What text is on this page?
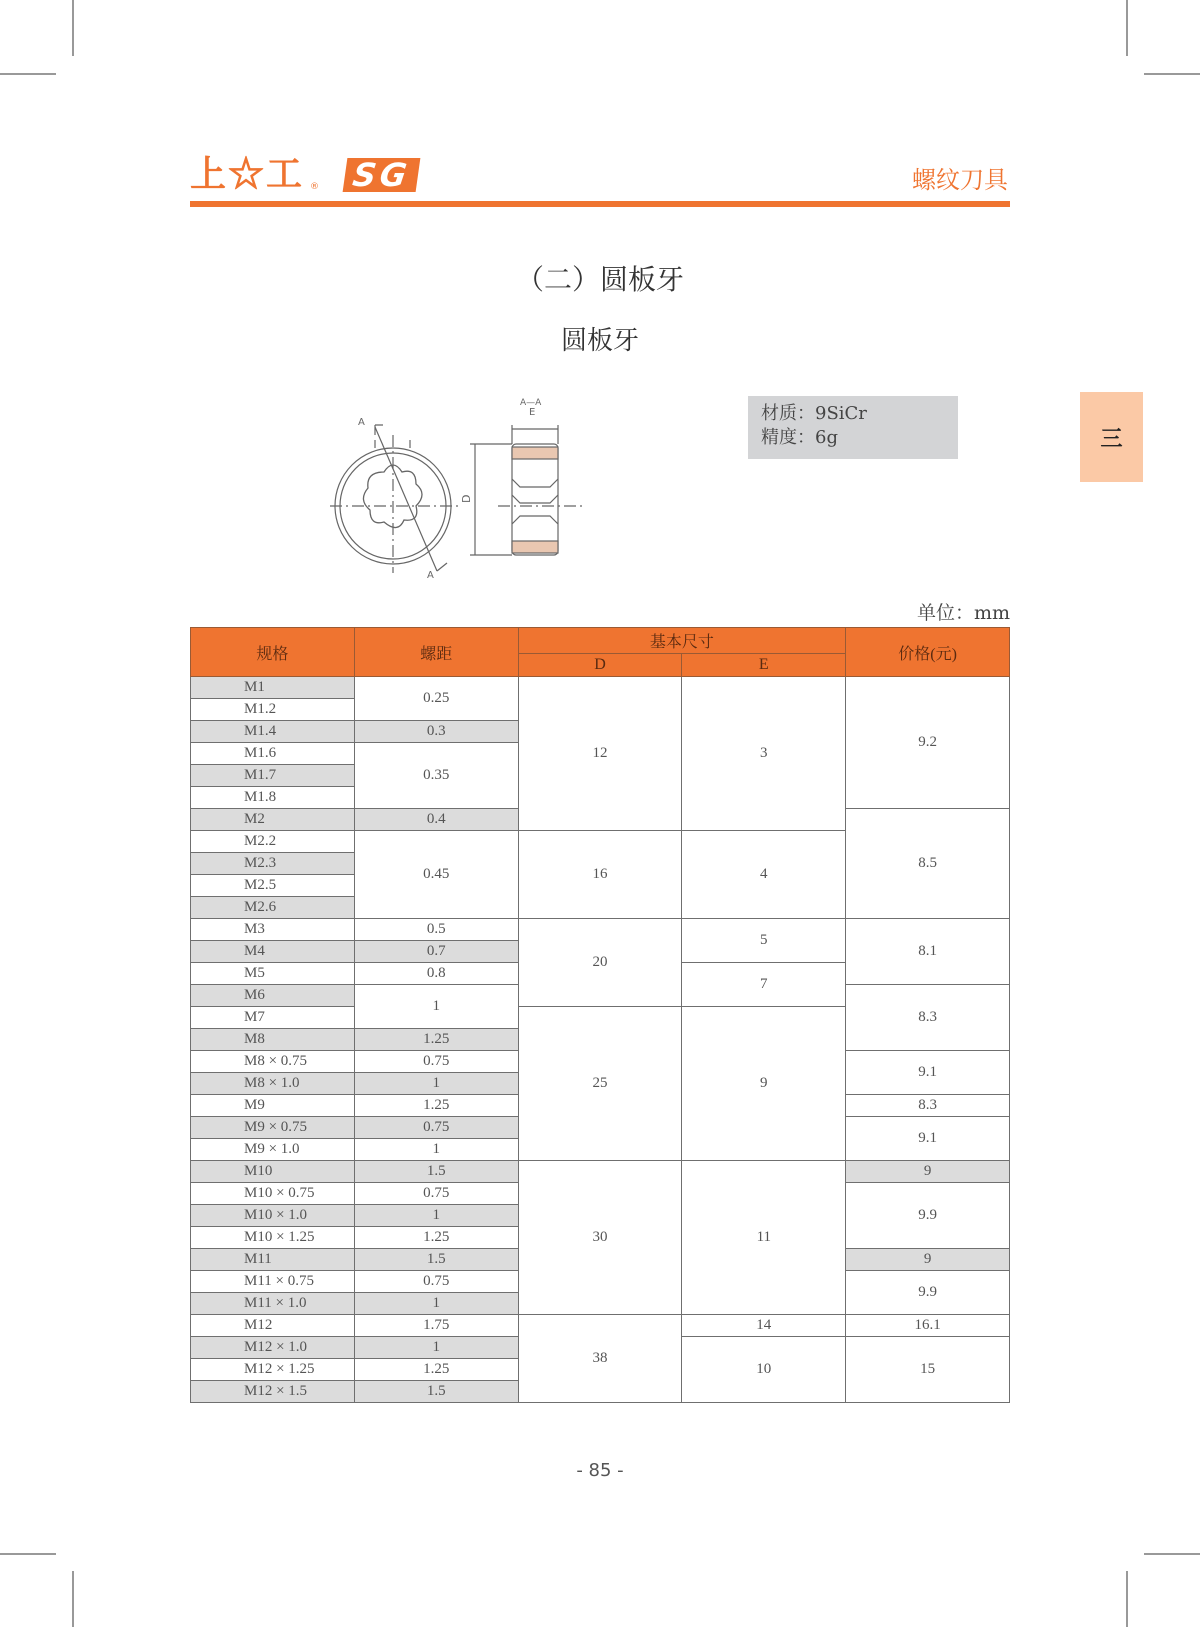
上☆工 ® SG	螺纹刀具
（二）圆板牙
圆板牙
A
A
D
E
A—A	材质：9SiCr
精度：6g	三
单位：mm
规格	螺距	基本尺寸		价格(元)
		D	E	
M1	0.25	12	3	9.2
M1.2				
M1.4	0.3			
M1.6	0.35			
M1.7				
M1.8				
M2	0.4			8.5
M2.2	0.45	16	4	
M2.3				
M2.5				
M2.6				
M3	0.5	20	5	8.1
M4	0.7			
M5	0.8		7	
M6	1			8.3
M7		25	9	
M8	1.25			
M8 × 0.75	0.75			9.1
M8 × 1.0	1			
M9	1.25			8.3
M9 × 0.75	0.75			9.1
M9 × 1.0	1			
M10	1.5	30	11	9
M10 × 0.75	0.75			9.9
M10 × 1.0	1			
M10 × 1.25	1.25			
M11	1.5			9
M11 × 0.75	0.75			9.9
M11 × 1.0	1			
M12	1.75	38	14	16.1
M12 × 1.0	1		10	15
M12 × 1.25	1.25			
M12 × 1.5	1.5			
- 85 -
